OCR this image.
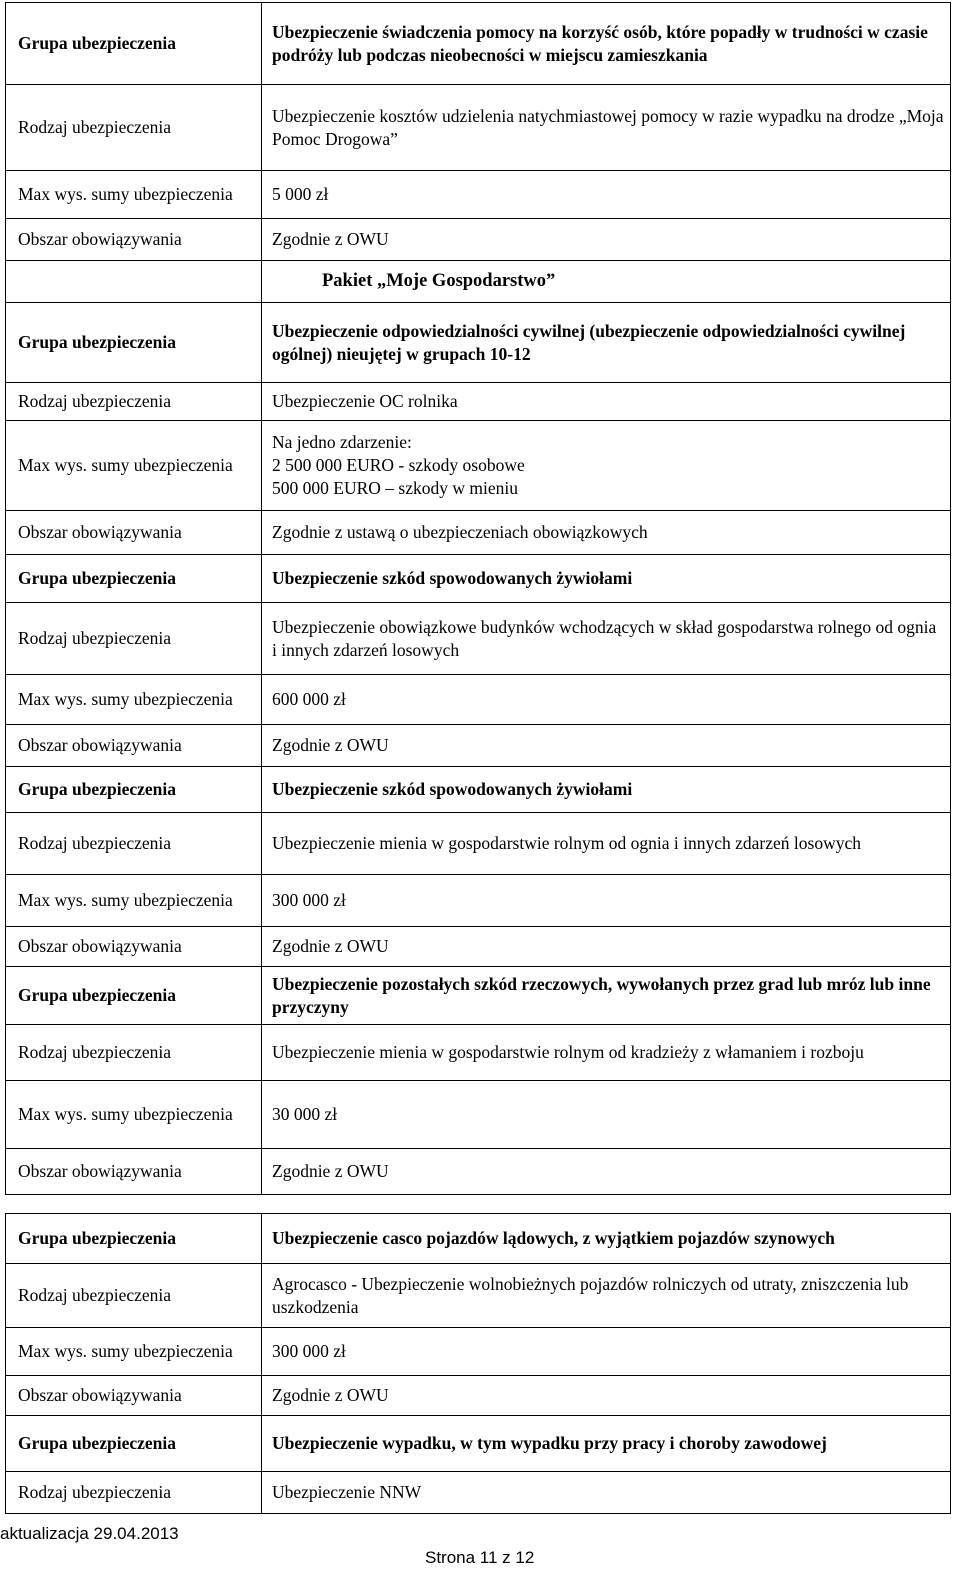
Grupa ubezpieczenia	Ubezpieczenie świadczenia pomocy na korzyść osób, które popadły w trudności w czasie podróży lub podczas nieobecności w miejscu zamieszkania
Rodzaj ubezpieczenia	Ubezpieczenie kosztów udzielenia natychmiastowej pomocy w razie wypadku na drodze „Moja Pomoc Drogowa”
Max wys. sumy ubezpieczenia	5 000 zł
Obszar obowiązywania	Zgodnie z OWU
	Pakiet „Moje Gospodarstwo”
Grupa ubezpieczenia	Ubezpieczenie odpowiedzialności cywilnej (ubezpieczenie odpowiedzialności cywilnej ogólnej) nieujętej w grupach 10-12
Rodzaj ubezpieczenia	Ubezpieczenie OC rolnika
Max wys. sumy ubezpieczenia	Na jedno zdarzenie:
2 500 000 EURO - szkody osobowe
500 000 EURO – szkody w mieniu

Obszar obowiązywania	Zgodnie z ustawą o ubezpieczeniach obowiązkowych
Grupa ubezpieczenia	Ubezpieczenie szkód spowodowanych żywiołami
Rodzaj ubezpieczenia	Ubezpieczenie obowiązkowe budynków wchodzących w skład gospodarstwa rolnego od ognia i innych zdarzeń losowych
Max wys. sumy ubezpieczenia	600 000 zł
Obszar obowiązywania	Zgodnie z OWU
Grupa ubezpieczenia	Ubezpieczenie szkód spowodowanych żywiołami
Rodzaj ubezpieczenia	Ubezpieczenie mienia w gospodarstwie rolnym od ognia i innych zdarzeń losowych
Max wys. sumy ubezpieczenia	300 000 zł
Obszar obowiązywania	Zgodnie z OWU
Grupa ubezpieczenia	Ubezpieczenie pozostałych szkód rzeczowych, wywołanych przez grad lub mróz lub inne przyczyny
Rodzaj ubezpieczenia	Ubezpieczenie mienia w gospodarstwie rolnym od kradzieży z włamaniem i rozboju
Max wys. sumy ubezpieczenia	30 000 zł
Obszar obowiązywania	Zgodnie z OWU

Grupa ubezpieczenia	Ubezpieczenie casco pojazdów lądowych, z wyjątkiem pojazdów szynowych
Rodzaj ubezpieczenia	Agrocasco - Ubezpieczenie wolnobieżnych pojazdów rolniczych od utraty, zniszczenia lub uszkodzenia
Max wys. sumy ubezpieczenia	300 000 zł
Obszar obowiązywania	Zgodnie z OWU
Grupa ubezpieczenia	Ubezpieczenie wypadku, w tym wypadku przy pracy i choroby zawodowej
Rodzaj ubezpieczenia	Ubezpieczenie NNW
aktualizacja 29.04.2013
Strona 11 z 12
